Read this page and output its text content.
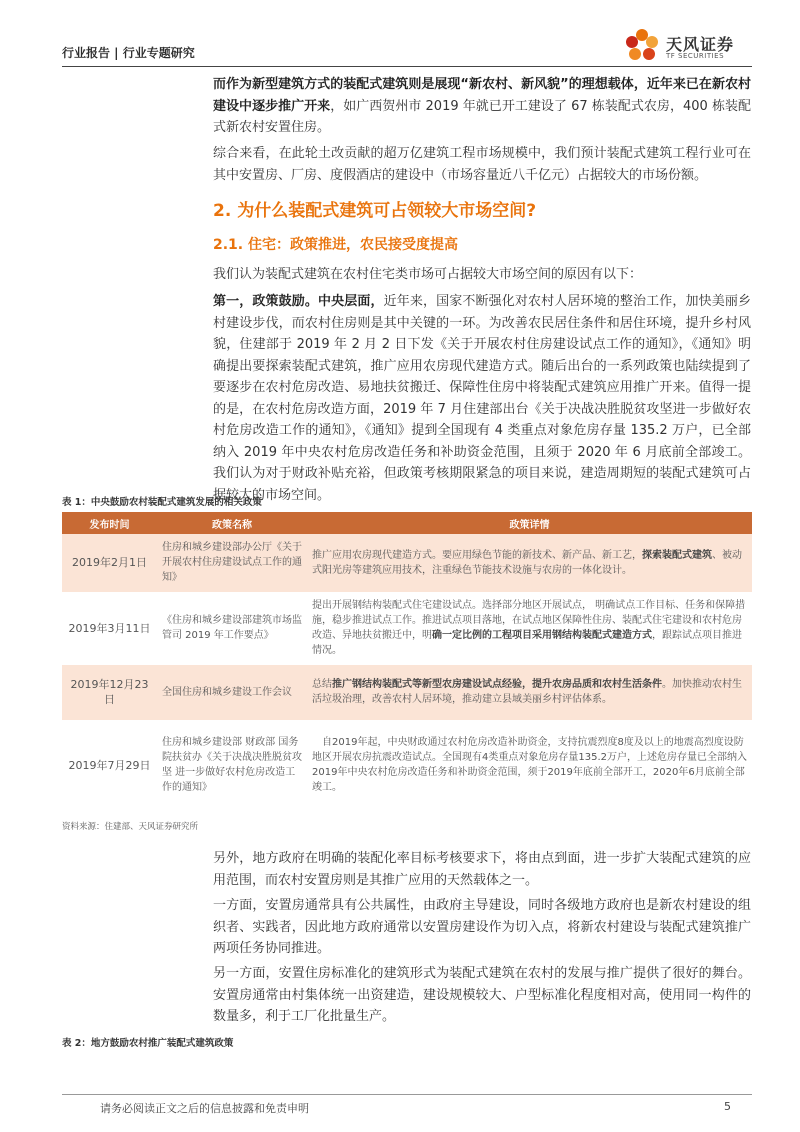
行业报告 | 行业专题研究	天风证券
TF SECURITIES
而作为新型建筑方式的装配式建筑则是展现“新农村、新风貌”的理想载体，近年来已在新农村建设中逐步推广开来，如广西贺州市 2019 年就已开工建设了 67 栋装配式农房，400 栋装配式新农村安置住房。
综合来看，在此轮土改贡献的超万亿建筑工程市场规模中，我们预计装配式建筑工程行业可在其中安置房、厂房、度假酒店的建设中（市场容量近八千亿元）占据较大的市场份额。
2. 为什么装配式建筑可占领较大市场空间?
2.1. 住宅：政策推进，农民接受度提高
我们认为装配式建筑在农村住宅类市场可占据较大市场空间的原因有以下：
第一，政策鼓励。中央层面，近年来，国家不断强化对农村人居环境的整治工作，加快美丽乡村建设步伐，而农村住房则是其中关键的一环。为改善农民居住条件和居住环境，提升乡村风貌，住建部于 2019 年 2 月 2 日下发《关于开展农村住房建设试点工作的通知》，《通知》明确提出要探索装配式建筑，推广应用农房现代建造方式。随后出台的一系列政策也陆续提到了要逐步在农村危房改造、易地扶贫搬迁、保障性住房中将装配式建筑应用推广开来。值得一提的是，在农村危房改造方面，2019 年 7 月住建部出台《关于决战决胜脱贫攻坚进一步做好农村危房改造工作的通知》，《通知》提到全国现有 4 类重点对象危房存量 135.2 万户，已全部纳入 2019 年中央农村危房改造任务和补助资金范围，且须于 2020 年 6 月底前全部竣工。我们认为对于财政补贴充裕，但政策考核期限紧急的项目来说，建造周期短的装配式建筑可占据较大的市场空间。
表 1：中央鼓励农村装配式建筑发展的相关政策
发布时间	政策名称	政策详情
2019年2月1日	住房和城乡建设部办公厅《关于开展农村住房建设试点工作的通知》	推广应用农房现代建造方式。要应用绿色节能的新技术、新产品、新工艺，探索装配式建筑、被动式阳光房等建筑应用技术，注重绿色节能技术设施与农房的一体化设计。
2019年3月11日	《住房和城乡建设部建筑市场监管司 2019 年工作要点》	提出开展钢结构装配式住宅建设试点。选择部分地区开展试点， 明确试点工作目标、任务和保障措施，稳步推进试点工作。推进试点项目落地，在试点地区保障性住房、装配式住宅建设和农村危房改造、异地扶贫搬迁中，明确一定比例的工程项目采用钢结构装配式建造方式，跟踪试点项目推进情况。
2019年12月23日	全国住房和城乡建设工作会议	总结推广钢结构装配式等新型农房建设试点经验，提升农房品质和农村生活条件。加快推动农村生活垃圾治理，改善农村人居环境，推动建立县域美丽乡村评估体系。
2019年7月29日	住房和城乡建设部 财政部 国务院扶贫办《关于决战决胜脱贫攻坚 进一步做好农村危房改造工作的通知》	　自2019年起，中央财政通过农村危房改造补助资金，支持抗震烈度8度及以上的地震高烈度设防地区开展农房抗震改造试点。全国现有4类重点对象危房存量135.2万户，上述危房存量已全部纳入2019年中央农村危房改造任务和补助资金范围，须于2019年底前全部开工，2020年6月底前全部竣工。
资料来源：住建部、天风证券研究所
另外，地方政府在明确的装配化率目标考核要求下，将由点到面，进一步扩大装配式建筑的应用范围，而农村安置房则是其推广应用的天然载体之一。
一方面，安置房通常具有公共属性，由政府主导建设，同时各级地方政府也是新农村建设的组织者、实践者，因此地方政府通常以安置房建设作为切入点，将新农村建设与装配式建筑推广两项任务协同推进。
另一方面，安置住房标准化的建筑形式为装配式建筑在农村的发展与推广提供了很好的舞台。安置房通常由村集体统一出资建造，建设规模较大、户型标准化程度相对高，使用同一构件的数量多，利于工厂化批量生产。
表 2：地方鼓励农村推广装配式建筑政策
请务必阅读正文之后的信息披露和免责申明	5
